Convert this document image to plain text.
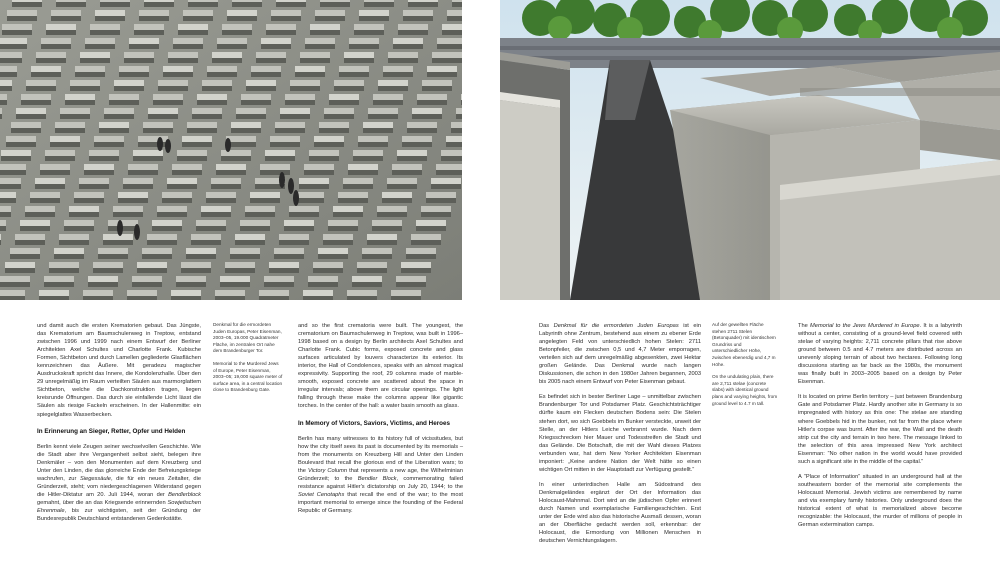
und damit auch die ersten Krematorien gebaut. Das Jüngste, das Krematorium am Baumschulenweg in Treptow, entstand zwischen 1996 und 1999 nach einem Entwurf der Berliner Architekten Axel Schultes und Charlotte Frank. Kubische Formen, Sichtbeton und durch Lamellen gegliederte Glasflächen kennzeichnen das Äußere. Mit geradezu magischer Ausdruckskraft spricht das Innere, die Kondolenzhalle. Über den 29 unregelmäßig im Raum verteilten Säulen aus marmorglattem Sichtbeton, welche die Dachkonstruktion tragen, liegen kreisrunde Öffnungen. Das durch sie einfallende Licht lässt die Säulen als riesige Fackeln erscheinen. In der Hallenmitte: ein spiegelglattes Wasserbecken.

In Erinnerung an Sieger, Retter, Opfer und Helden

Berlin kennt viele Zeugen seiner wechselvollen Geschichte. Wie die Stadt aber ihre Vergangenheit selbst sieht, belegen ihre Denkmäler – von den Monumenten auf dem Kreuzberg und Unter den Linden, die das glorreiche Ende der Befreiungskriege wachrufen, zur Siegessäule, die für ein neues Zeitalter, die Gründerzeit, steht; vom niedergeschlagenen Widerstand gegen die Hitler-Diktatur am 20. Juli 1944, woran der Bendlerblock gemahnt, über die an das Kriegsende erinnernden Sowjetischen Ehrenmale, bis zur wichtigsten, seit der Gründung der Bundesrepublik Deutschland entstandenen Gedenkstätte.

Denkmal für die ermordeten Juden Europas, Peter Eisenman, 2003–05, 19.000 Quadratmeter Fläche, im zentralen Ort nahe dem Brandenburger Tor.

Memorial to the Murdered Jews of Europe, Peter Eisenman, 2003–05; 19,000 square meter of surface area, in a central location close to Brandenburg Gate.

and so the first crematoria were built. The youngest, the crematorium on Baumschulenweg in Treptow, was built in 1996–1998 based on a design by Berlin architects Axel Schultes and Charlotte Frank. Cubic forms, exposed concrete and glass surfaces articulated by louvers characterize its exterior. Its interior, the Hall of Condolences, speaks with an almost magical expressivity. Supporting the roof, 29 columns made of marble-smooth, exposed concrete are scattered about the space in irregular intervals; above them are circular openings. The light falling through these make the columns appear like gigantic torches. In the center of the hall: a water basin smooth as glass.

In Memory of Victors, Saviors, Victims, and Heroes

Berlin has many witnesses to its history full of vicissitudes, but how the city itself sees its past is documented by its memorials – from the monuments on Kreuzberg Hill and Unter den Linden Boulevard that recall the glorious end of the Liberation wars; to the Victory Column that represents a new age, the Wilhelminian Gründerzeit; to the Bendler Block, commemorating failed resistance against Hitler's dictatorship on July 20, 1944; to the Soviet Cenotaphs that recall the end of the war; to the most important memorial to emerge since the founding of the Federal Republic of Germany.

Das Denkmal für die ermordeten Juden Europas ist ein Labyrinth ohne Zentrum, bestehend aus einem zu ebener Erde angelegten Feld von unterschiedlich hohen Stelen: 2711 Betonpfeiler, die zwischen 0,5 und 4,7 Meter emporragen, verteilen sich auf dem unregelmäßig abgesenkten, zwei Hektar großen Gelände. Das Denkmal wurde nach langen Diskussionen, die schon in den 1980er Jahren begannen, 2003 bis 2005 nach einem Entwurf von Peter Eisenman gebaut.

Es befindet sich in bester Berliner Lage – unmittelbar zwischen Brandenburger Tor und Potsdamer Platz. Geschichtsträchtiger dürfte kaum ein Flecken deutschen Bodens sein: Die Stelen stehen dort, wo sich Goebbels im Bunker versteckte, unweit der Stelle, an der Hitlers Leiche verbrannt wurde. Nach dem Kriegsschrecken hier Mauer und Todesstreifen die Stadt und das Gelände. Die Botschaft, die mit der Wahl dieses Platzes verbunden war, hat dem New Yorker Architekten Eisenman imponiert: „Keine andere Nation der Welt hätte so einen wichtigen Ort mitten in der Hauptstadt zur Verfügung gestellt.“

In einer unterirdischen Halle am Südostrand des Denkmalgeländes ergänzt der Ort der Information das Holocaust-Mahnmal. Dort wird an die jüdischen Opfer erinnert durch Namen und exemplarische Familiengeschichten. Erst unter der Erde wird also das historische Ausmaß dessen, woran an der Oberfläche gedacht werden soll, erkennbar: der Holocaust, die Ermordung von Millionen Menschen in deutschen Vernichtungslagern.

Auf der gewellten Fläche stehen 2711 Stelen (Betonquader) mit identischem Grundriss und unterschiedlicher Höhe, zwischen ebenerdig und 4,7 m Höhe.

On the undulating plain, there are 2,711 stelae (concrete slabs) with identical ground plans and varying heights, from ground level to 4.7 m tall.

The Memorial to the Jews Murdered in Europe. It is a labyrinth without a center, consisting of a ground-level field covered with stelae of varying heights: 2,711 concrete pillars that rise above ground between 0.5 and 4.7 meters are distributed across an unevenly sloping terrain of about two hectares. Following long discussions starting as far back as the 1980s, the monument was finally built in 2003–2005 based on a design by Peter Eisenman.

It is located on prime Berlin territory – just between Brandenburg Gate and Potsdamer Platz. Hardly another site in Germany is so impregnated with history as this one: The stelae are standing where Goebbels hid in the bunker, not far from the place where Hitler's corpse was burnt. After the war, the Wall and the death strip cut the city and terrain in two here. The message linked to the selection of this area impressed New York architect Eisenman: “No other nation in the world would have provided such a significant site in the middle of the capital.”

A “Place of Information” situated in an underground hall at the southeastern border of the memorial site complements the Holocaust Memorial. Jewish victims are remembered by name and via exemplary family histories. Only underground does the historical extent of what is memorialized above become recognizable: the Holocaust, the murder of millions of people in German extermination camps.
